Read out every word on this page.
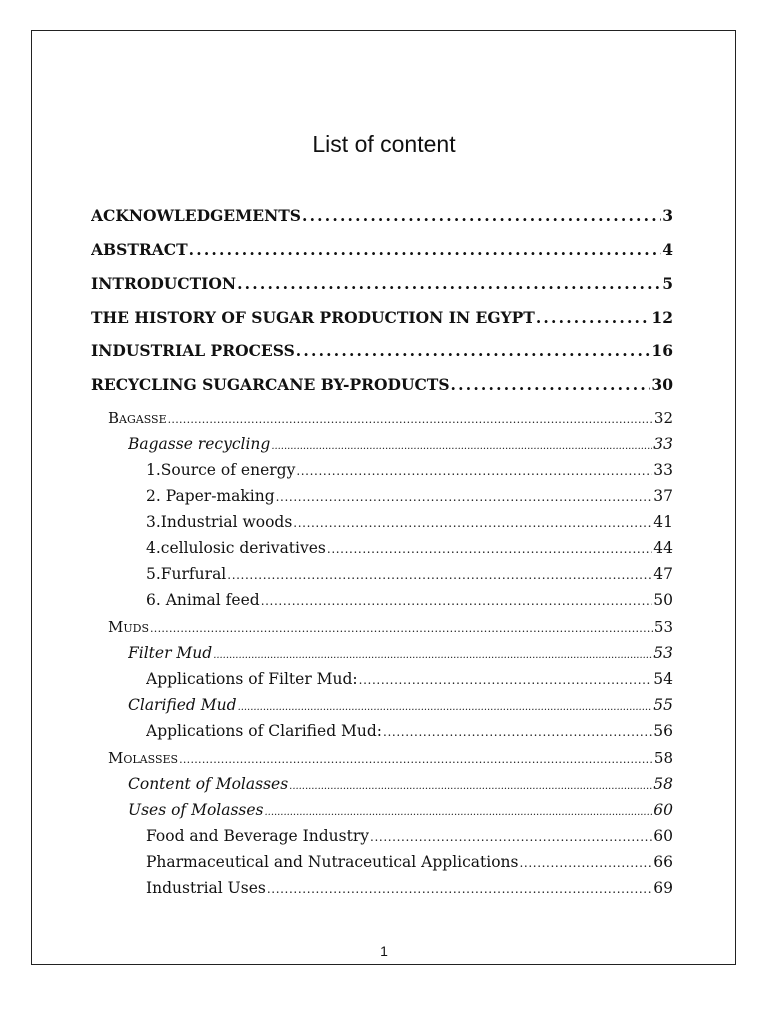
List of content
ACKNOWLEDGEMENTS . . .	3
ABSTRACT . . .	4
INTRODUCTION . . .	5
THE HISTORY OF SUGAR PRODUCTION IN EGYPT . . .	12
INDUSTRIAL PROCESS . . .	16
RECYCLING SUGARCANE BY-PRODUCTS . . .	30
Bagasse . . .	32
Bagasse recycling . . .	33
1.Source of energy . . .	33
2. Paper-making . . .	37
3.Industrial woods . . .	41
4.cellulosic derivatives . . .	44
5.Furfural . . .	47
6. Animal feed . . .	50
Muds . . .	53
Filter Mud . . .	53
Applications of Filter Mud: . . .	54
Clarified Mud . . .	55
Applications of Clarified Mud: . . .	56
Molasses . . .	58
Content of Molasses . . .	58
Uses of Molasses . . .	60
Food and Beverage Industry . . .	60
Pharmaceutical and Nutraceutical Applications . . .	66
Industrial Uses . . .	69
1
